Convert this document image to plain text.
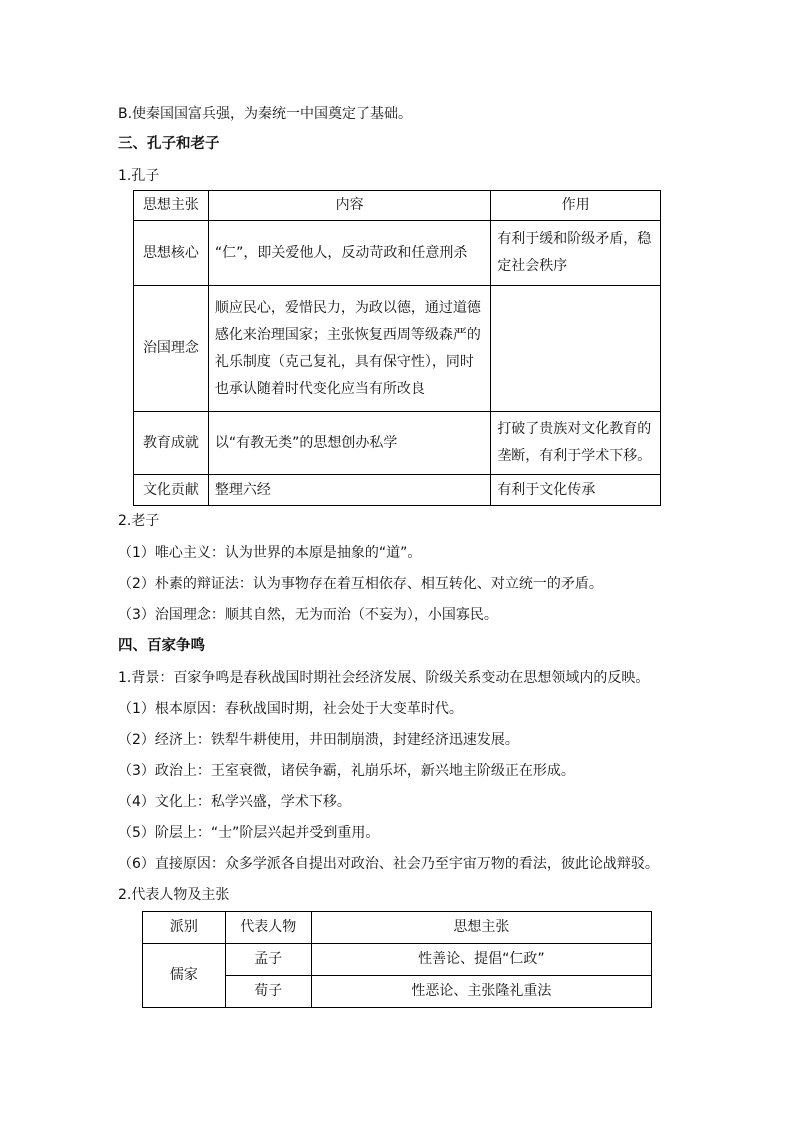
B.使秦国国富兵强，为秦统一中国奠定了基础。
三、孔子和老子
1.孔子
思想主张	内容	作用
思想核心	“仁”，即关爱他人，反动苛政和任意刑杀	有利于缓和阶级矛盾，稳定社会秩序
治国理念	顺应民心，爱惜民力，为政以德，通过道德感化来治理国家；主张恢复西周等级森严的礼乐制度（克己复礼，具有保守性），同时也承认随着时代变化应当有所改良	
教育成就	以“有教无类”的思想创办私学	打破了贵族对文化教育的垄断，有利于学术下移。
文化贡献	整理六经	有利于文化传承
2.老子
（1）唯心主义：认为世界的本原是抽象的“道”。
（2）朴素的辩证法：认为事物存在着互相依存、相互转化、对立统一的矛盾。
（3）治国理念：顺其自然，无为而治（不妄为），小国寡民。
四、百家争鸣
1.背景：百家争鸣是春秋战国时期社会经济发展、阶级关系变动在思想领域内的反映。
（1）根本原因：春秋战国时期，社会处于大变革时代。
（2）经济上：铁犁牛耕使用，井田制崩溃，封建经济迅速发展。
（3）政治上：王室衰微，诸侯争霸，礼崩乐坏，新兴地主阶级正在形成。
（4）文化上：私学兴盛，学术下移。
（5）阶层上：“士”阶层兴起并受到重用。
（6）直接原因：众多学派各自提出对政治、社会乃至宇宙万物的看法，彼此论战辩驳。
2.代表人物及主张
派别	代表人物	思想主张
儒家	孟子	性善论、提倡“仁政”
	荀子	性恶论、主张隆礼重法
